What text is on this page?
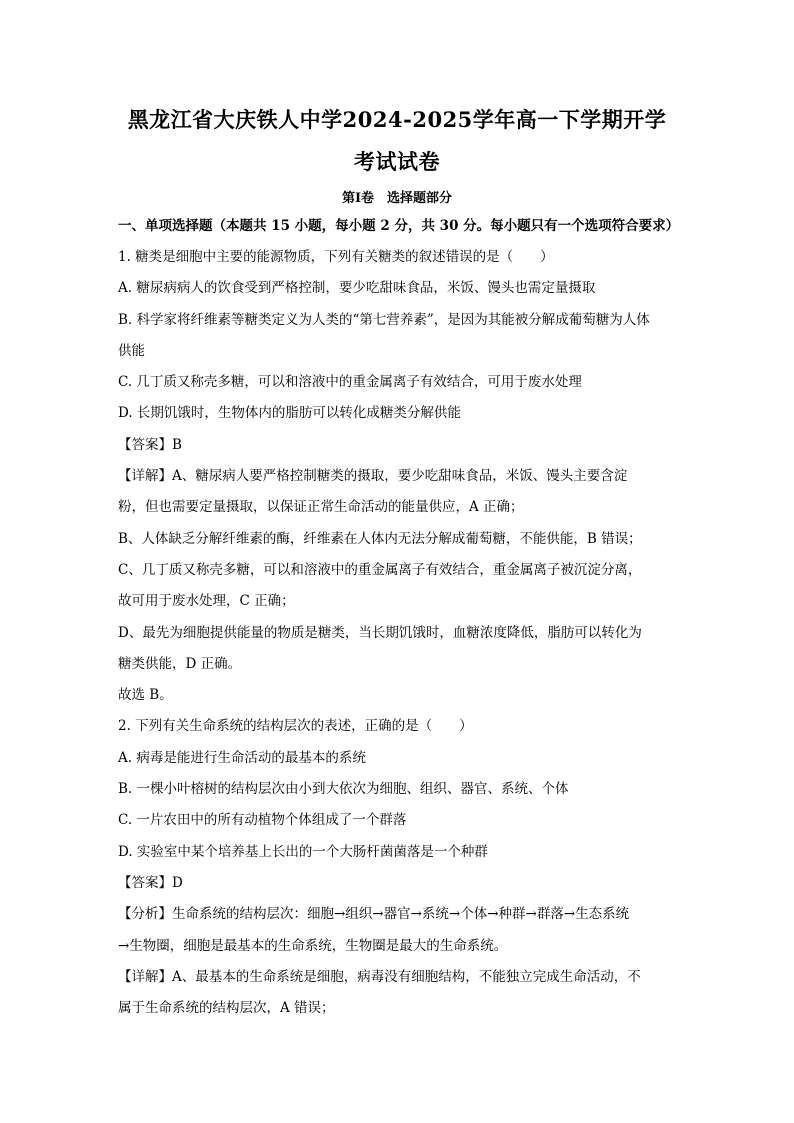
黑龙江省大庆铁人中学2024-2025学年高一下学期开学
考试试卷
第Ⅰ卷　选择题部分
一、单项选择题（本题共 15 小题，每小题 2 分，共 30 分。每小题只有一个选项符合要求）
1. 糖类是细胞中主要的能源物质，下列有关糖类的叙述错误的是（　　）
A. 糖尿病病人的饮食受到严格控制，要少吃甜味食品，米饭、馒头也需定量摄取
B. 科学家将纤维素等糖类定义为人类的“第七营养素”，是因为其能被分解成葡萄糖为人体
供能
C. 几丁质又称壳多糖，可以和溶液中的重金属离子有效结合，可用于废水处理
D. 长期饥饿时，生物体内的脂肪可以转化成糖类分解供能
【答案】B
【详解】A、糖尿病人要严格控制糖类的摄取，要少吃甜味食品，米饭、馒头主要含淀
粉，但也需要定量摄取，以保证正常生命活动的能量供应，A 正确；
B、人体缺乏分解纤维素的酶，纤维素在人体内无法分解成葡萄糖，不能供能，B 错误；
C、几丁质又称壳多糖，可以和溶液中的重金属离子有效结合，重金属离子被沉淀分离，
故可用于废水处理，C 正确；
D、最先为细胞提供能量的物质是糖类，当长期饥饿时，血糖浓度降低，脂肪可以转化为
糖类供能，D 正确。
故选 B。
2. 下列有关生命系统的结构层次的表述，正确的是（　　）
A. 病毒是能进行生命活动的最基本的系统
B. 一棵小叶榕树的结构层次由小到大依次为细胞、组织、器官、系统、个体
C. 一片农田中的所有动植物个体组成了一个群落
D. 实验室中某个培养基上长出的一个大肠杆菌菌落是一个种群
【答案】D
【分析】生命系统的结构层次：细胞→组织→器官→系统→个体→种群→群落→生态系统
→生物圈，细胞是最基本的生命系统，生物圈是最大的生命系统。
【详解】A、最基本的生命系统是细胞，病毒没有细胞结构，不能独立完成生命活动，不
属于生命系统的结构层次，A 错误；
